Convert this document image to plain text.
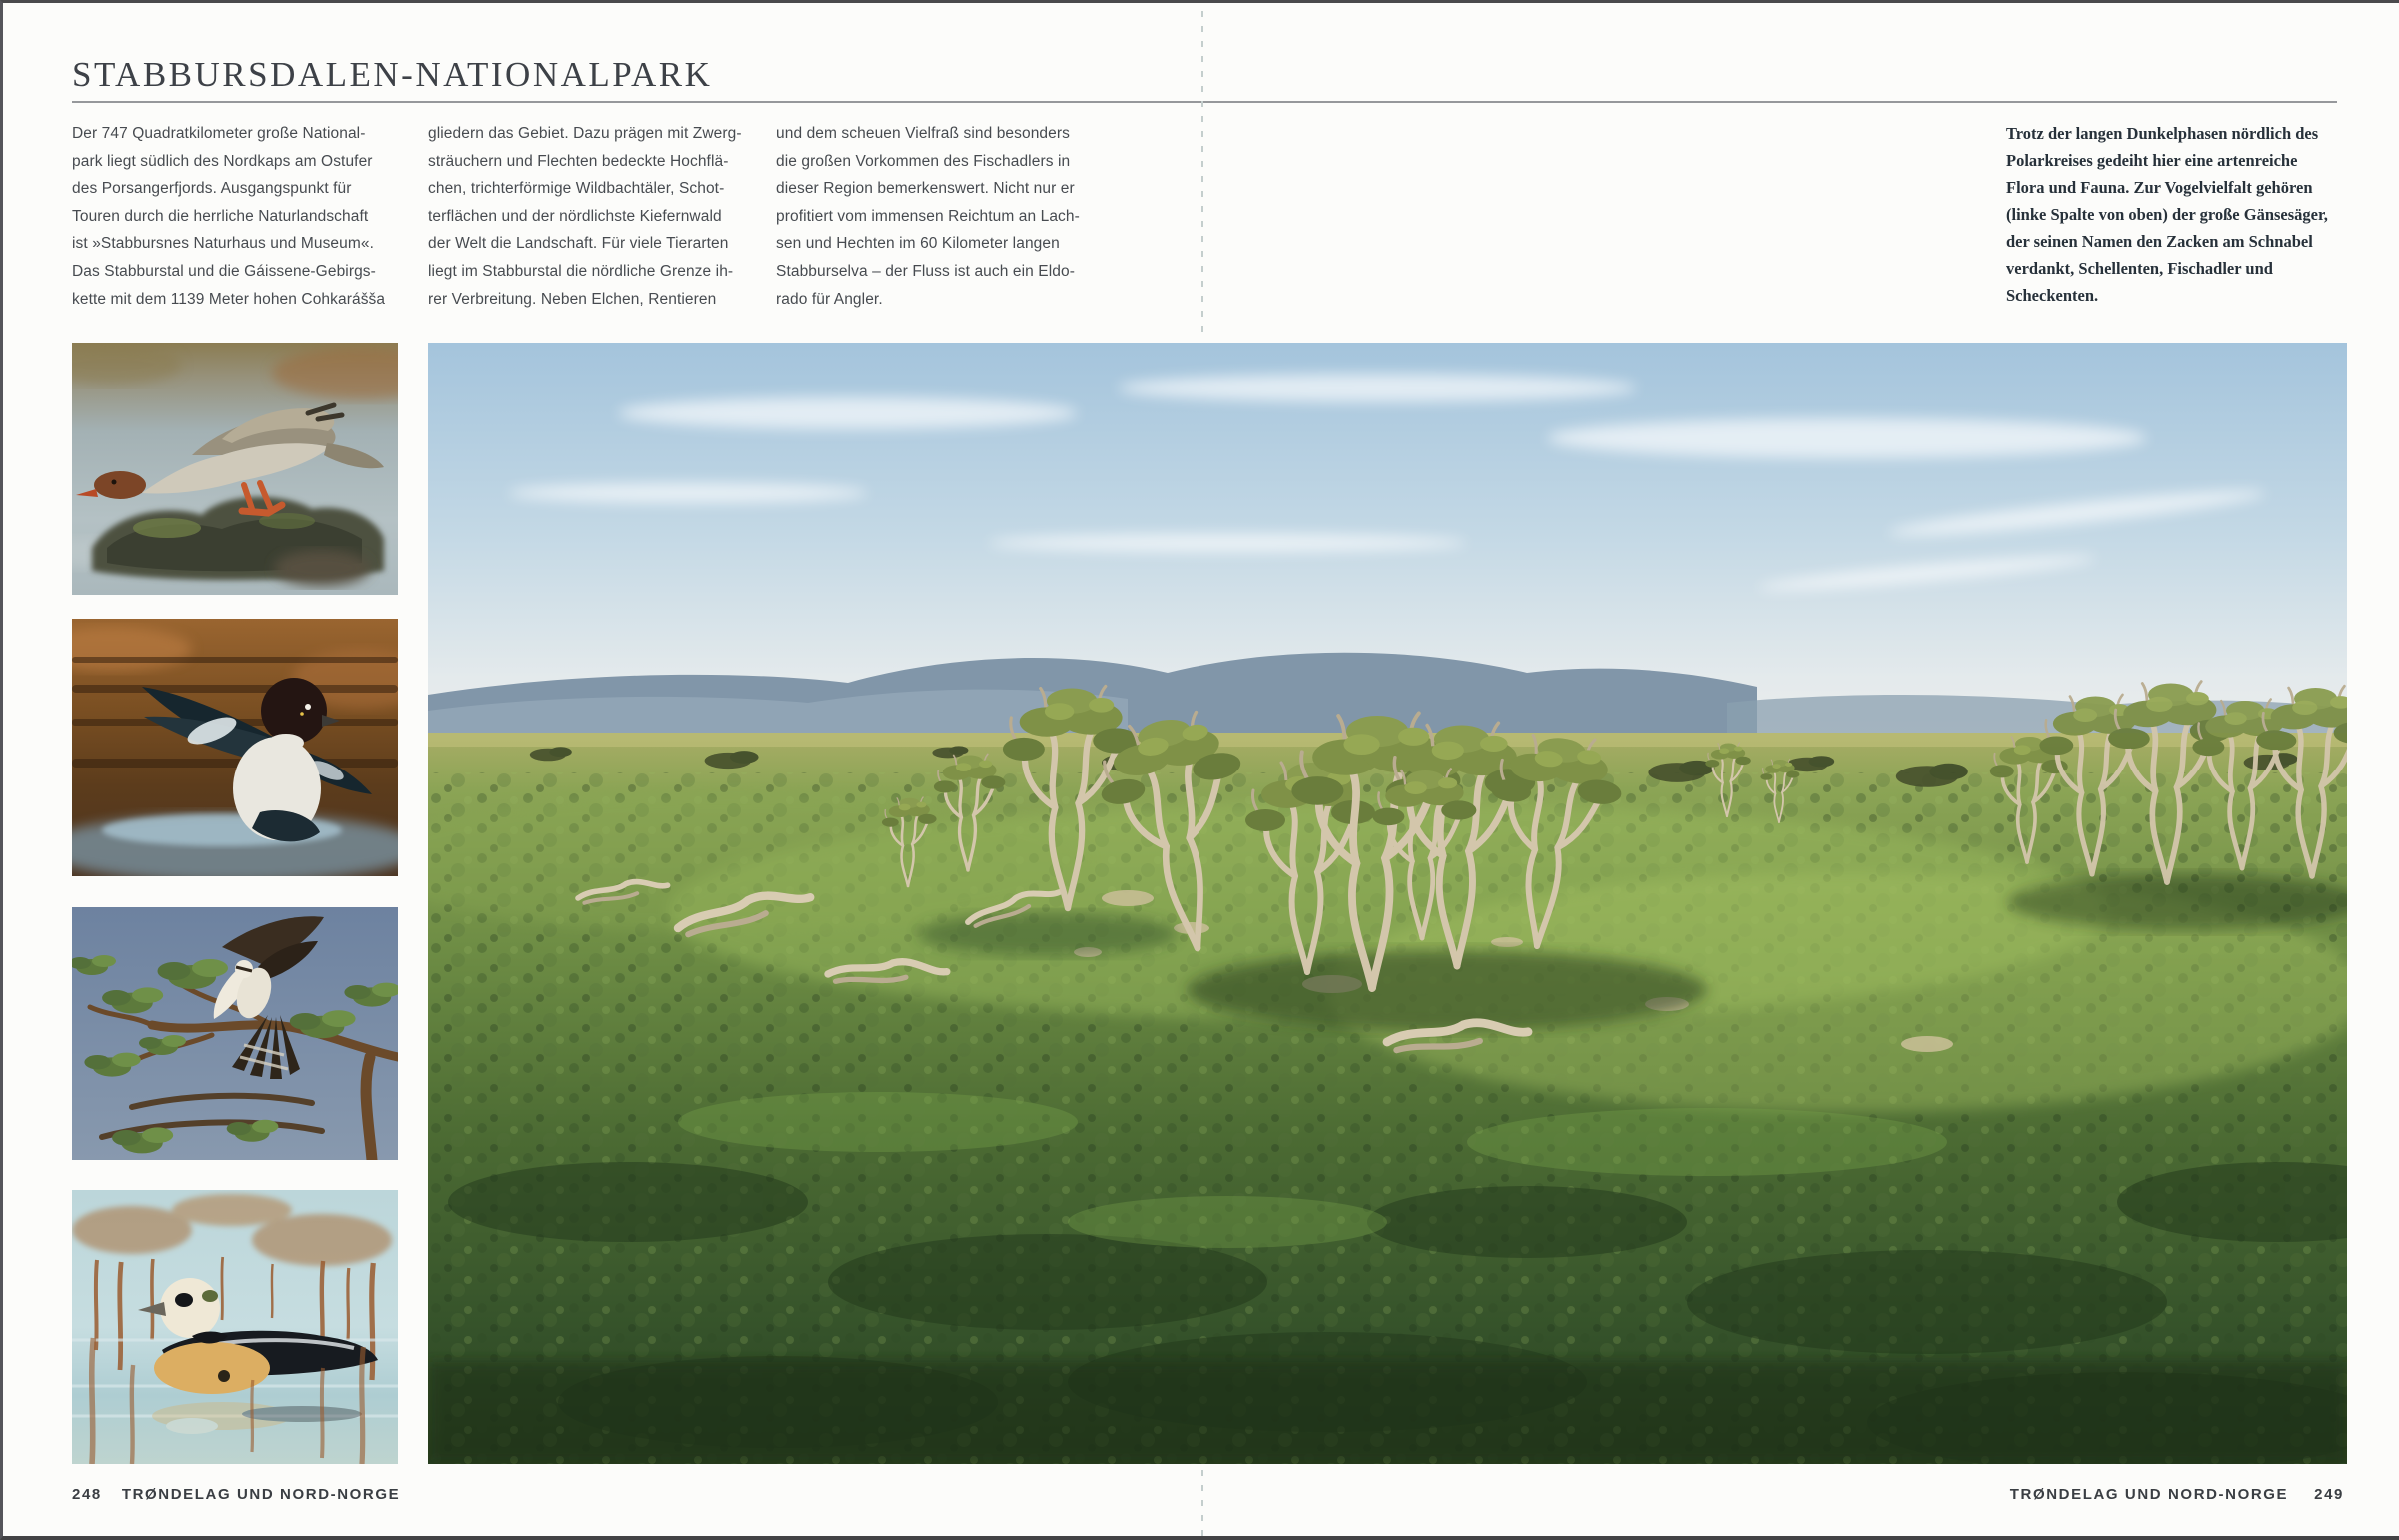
STABBURSDALEN-NATIONALPARK
Der 747 Quadratkilometer große National-
park liegt südlich des Nordkaps am Ostufer
des Porsangerfjords. Ausgangspunkt für
Touren durch die herrliche Naturlandschaft
ist »Stabbursnes Naturhaus und Museum«.
Das Stabburstal und die Gáissene-Gebirgs-
kette mit dem 1139 Meter hohen Cohkarášša
gliedern das Gebiet. Dazu prägen mit Zwerg-
sträuchern und Flechten bedeckte Hochflä-
chen, trichterförmige Wildbachtäler, Schot-
terflächen und der nördlichste Kiefernwald
der Welt die Landschaft. Für viele Tierarten
liegt im Stabburstal die nördliche Grenze ih-
rer Verbreitung. Neben Elchen, Rentieren
und dem scheuen Vielfraß sind besonders
die großen Vorkommen des Fischadlers in
dieser Region bemerkenswert. Nicht nur er
profitiert vom immensen Reichtum an Lach-
sen und Hechten im 60 Kilometer langen
Stabburselva – der Fluss ist auch ein Eldo-
rado für Angler.
Trotz der langen Dunkelphasen nördlich des
Polarkreises gedeiht hier eine artenreiche
Flora und Fauna. Zur Vogelvielfalt gehören
(linke Spalte von oben) der große Gänsesäger,
der seinen Namen den Zacken am Schnabel
verdankt, Schellenten, Fischadler und
Scheckenten.
248 TRØNDELAG UND NORD-NORGE	TRØNDELAG UND NORD-NORGE 249
